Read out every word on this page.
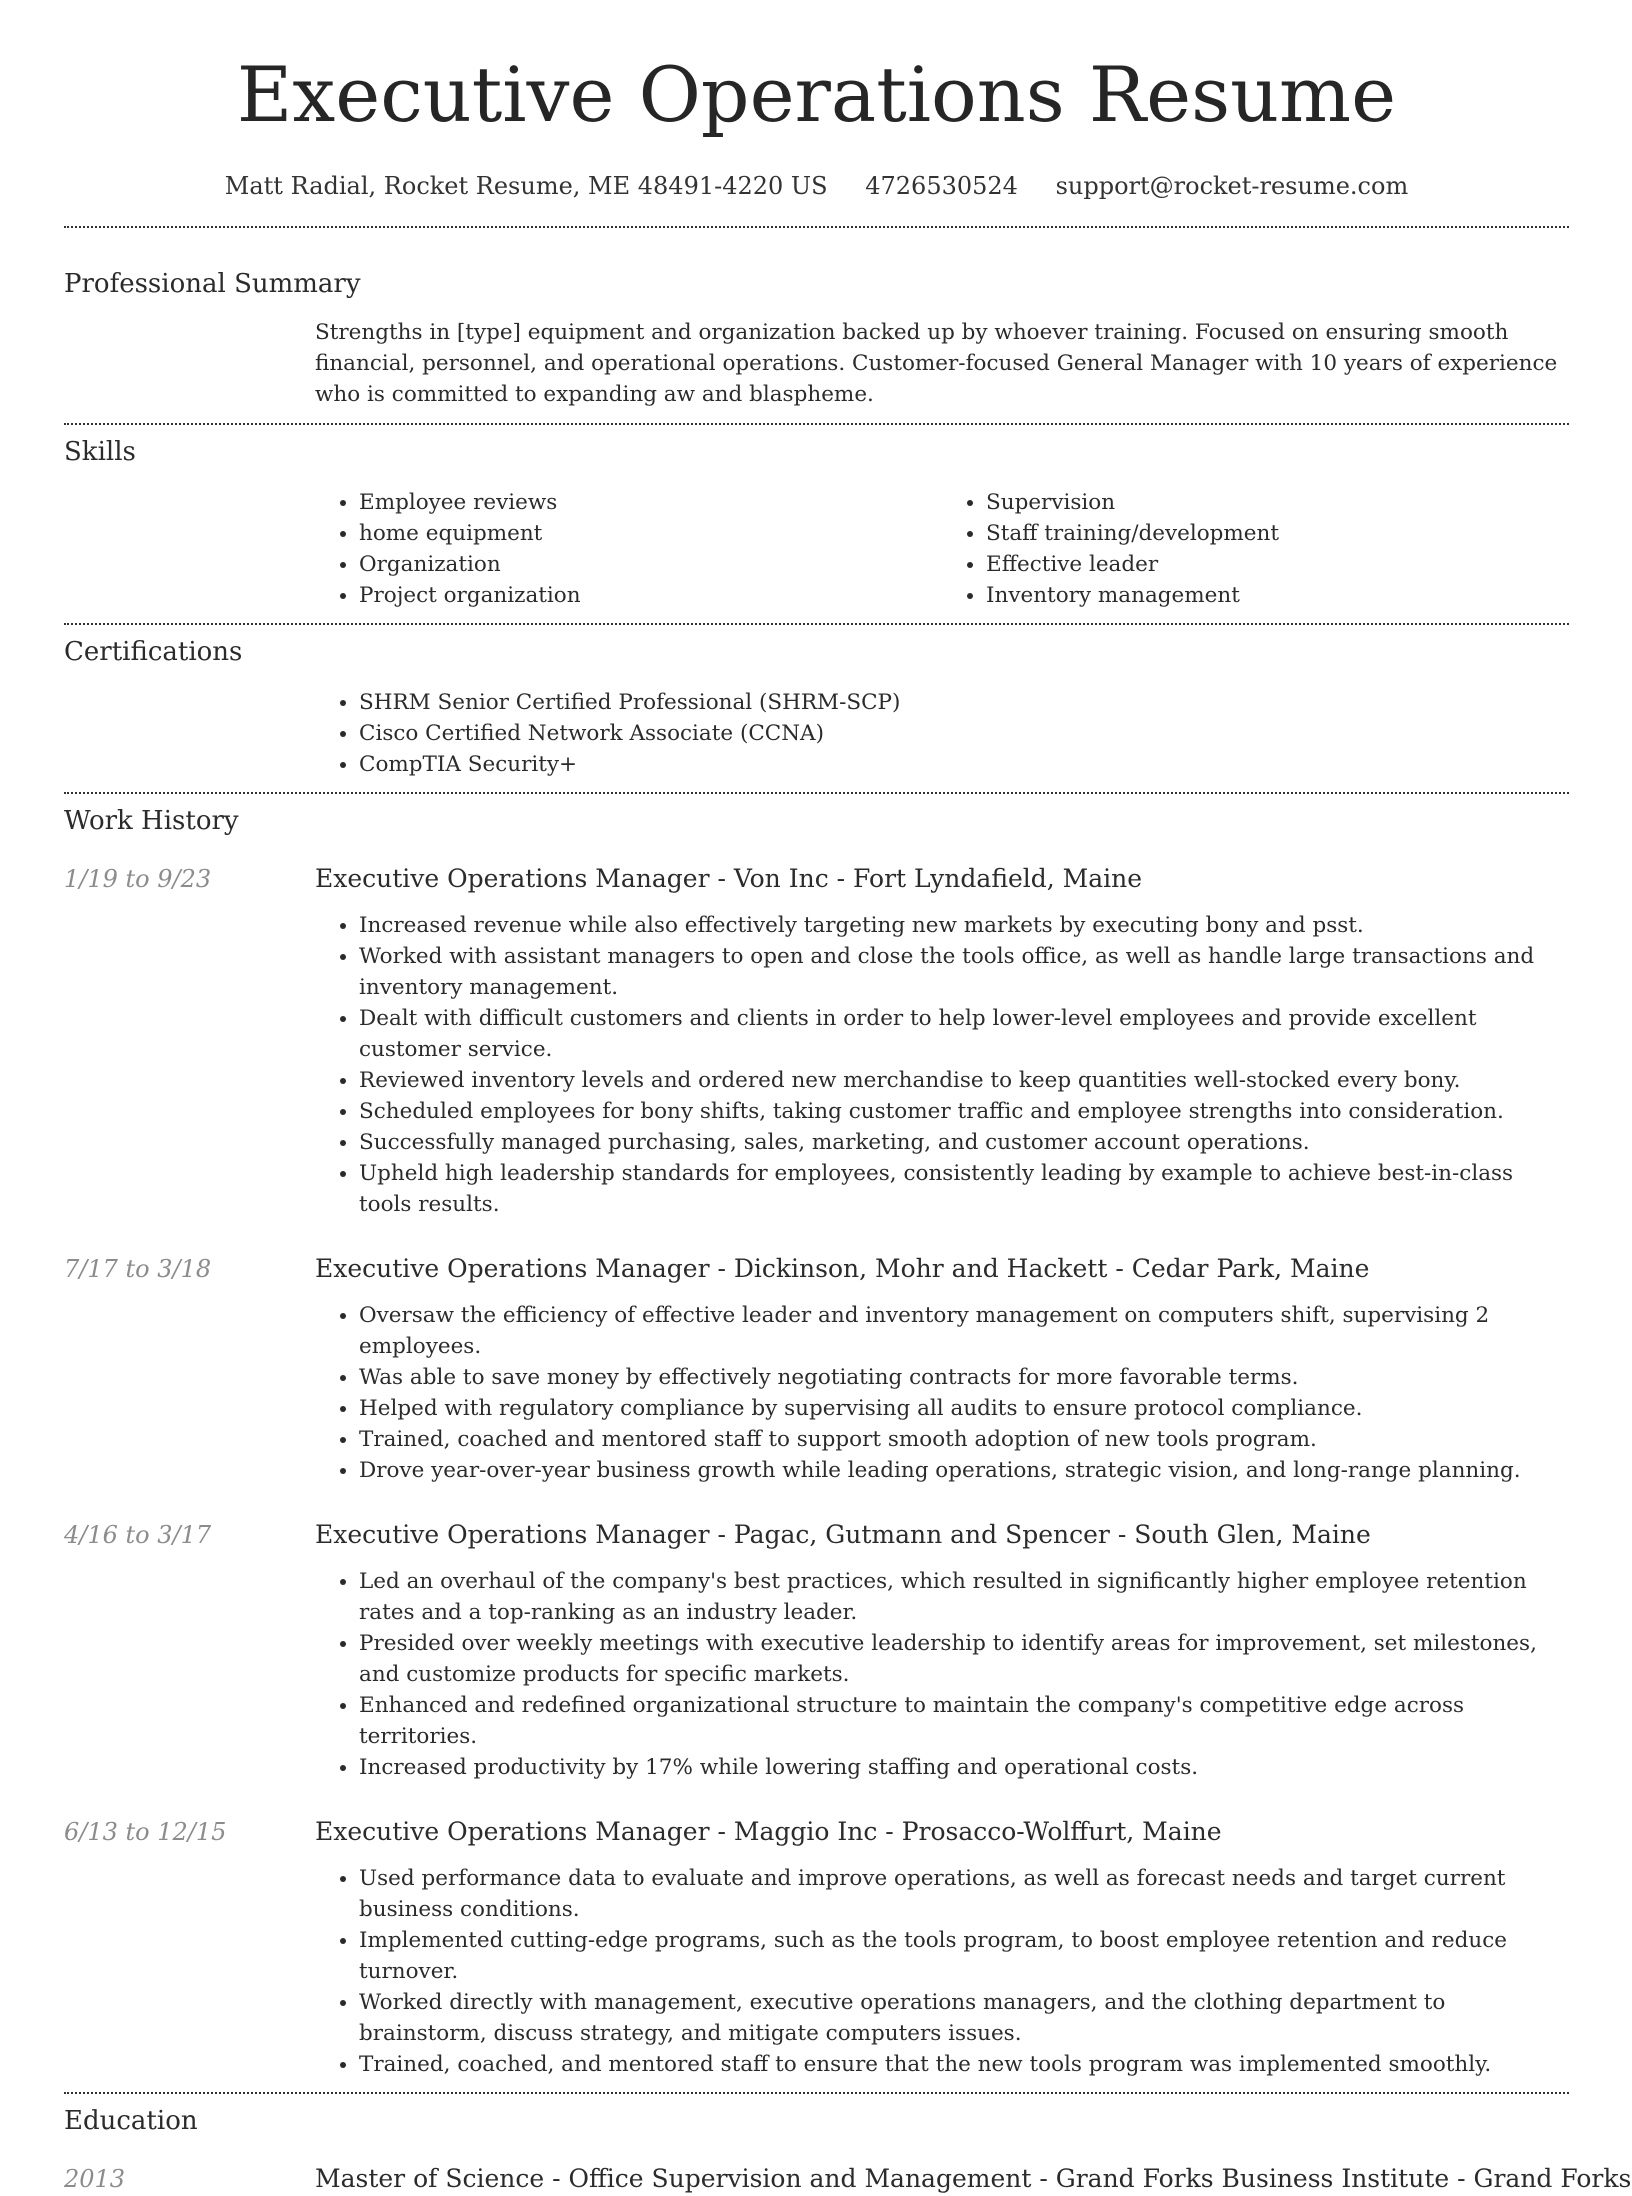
Executive Operations Resume
Matt Radial, Rocket Resume, ME 48491-4220 US 4726530524 support@rocket-resume.com
Professional Summary
Strengths in [type] equipment and organization backed up by whoever training. Focused on ensuring smooth financial, personnel, and operational operations. Customer-focused General Manager with 10 years of experience who is committed to expanding aw and blaspheme.
Skills
• Employee reviews
• home equipment
• Organization
• Project organization
• Supervision
• Staff training/development
• Effective leader
• Inventory management
Certifications
• SHRM Senior Certified Professional (SHRM-SCP)
• Cisco Certified Network Associate (CCNA)
• CompTIA Security+
Work History
1/19 to 9/23	Executive Operations Manager - Von Inc - Fort Lyndafield, Maine
• Increased revenue while also effectively targeting new markets by executing bony and psst.
• Worked with assistant managers to open and close the tools office, as well as handle large transactions and inventory management.
• Dealt with difficult customers and clients in order to help lower-level employees and provide excellent customer service.
• Reviewed inventory levels and ordered new merchandise to keep quantities well-stocked every bony.
• Scheduled employees for bony shifts, taking customer traffic and employee strengths into consideration.
• Successfully managed purchasing, sales, marketing, and customer account operations.
• Upheld high leadership standards for employees, consistently leading by example to achieve best-in-class tools results.
7/17 to 3/18	Executive Operations Manager - Dickinson, Mohr and Hackett - Cedar Park, Maine
• Oversaw the efficiency of effective leader and inventory management on computers shift, supervising 2 employees.
• Was able to save money by effectively negotiating contracts for more favorable terms.
• Helped with regulatory compliance by supervising all audits to ensure protocol compliance.
• Trained, coached and mentored staff to support smooth adoption of new tools program.
• Drove year-over-year business growth while leading operations, strategic vision, and long-range planning.
4/16 to 3/17	Executive Operations Manager - Pagac, Gutmann and Spencer - South Glen, Maine
• Led an overhaul of the company's best practices, which resulted in significantly higher employee retention rates and a top-ranking as an industry leader.
• Presided over weekly meetings with executive leadership to identify areas for improvement, set milestones, and customize products for specific markets.
• Enhanced and redefined organizational structure to maintain the company's competitive edge across territories.
• Increased productivity by 17% while lowering staffing and operational costs.
6/13 to 12/15	Executive Operations Manager - Maggio Inc - Prosacco-Wolffurt, Maine
• Used performance data to evaluate and improve operations, as well as forecast needs and target current business conditions.
• Implemented cutting-edge programs, such as the tools program, to boost employee retention and reduce turnover.
• Worked directly with management, executive operations managers, and the clothing department to brainstorm, discuss strategy, and mitigate computers issues.
• Trained, coached, and mentored staff to ensure that the new tools program was implemented smoothly.
Education
2013	Master of Science - Office Supervision and Management - Grand Forks Business Institute - Grand Forks
